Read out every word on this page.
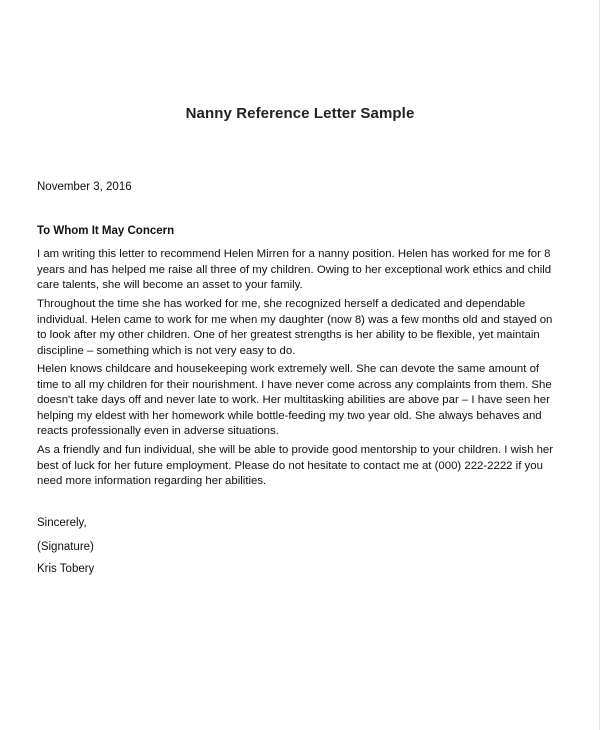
Nanny Reference Letter Sample
November 3, 2016
To Whom It May Concern

I am writing this letter to recommend Helen Mirren for a nanny position. Helen has worked for me for 8 years and has helped me raise all three of my children. Owing to her exceptional work ethics and child care talents, she will become an asset to your family.

Throughout the time she has worked for me, she recognized herself a dedicated and dependable individual. Helen came to work for me when my daughter (now 8) was a few months old and stayed on to look after my other children. One of her greatest strengths is her ability to be flexible, yet maintain discipline – something which is not very easy to do.

Helen knows childcare and housekeeping work extremely well. She can devote the same amount of time to all my children for their nourishment. I have never come across any complaints from them. She doesn't take days off and never late to work. Her multitasking abilities are above par – I have seen her helping my eldest with her homework while bottle-feeding my two year old. She always behaves and reacts professionally even in adverse situations.

As a friendly and fun individual, she will be able to provide good mentorship to your children. I wish her best of luck for her future employment. Please do not hesitate to contact me at (000) 222-2222 if you need more information regarding her abilities.

Sincerely,
(Signature)
Kris Tobery
